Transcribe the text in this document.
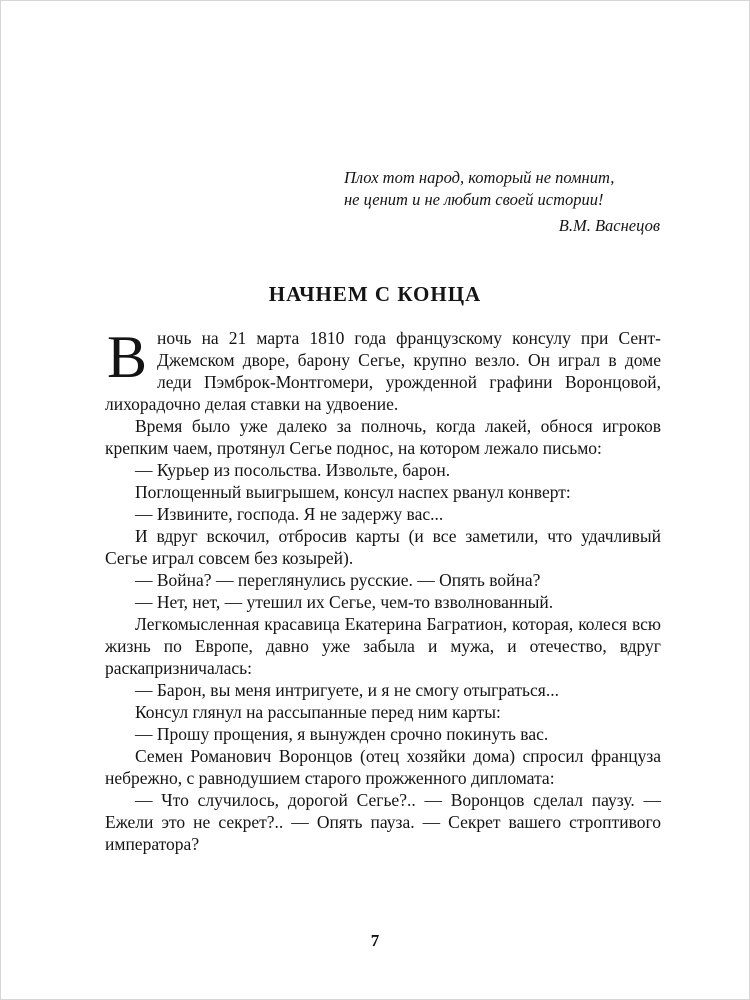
Плох тот народ, который не помнит,
не ценит и не любит своей истории!
В.М. Васнецов
НАЧНЕМ С КОНЦА

Вночь на 21 марта 1810 года французскому консулу при Сент-Джемском дворе, барону Сегье, крупно везло. Он играл в доме леди Пэмброк-Монтгомери, урожденной графини Воронцовой, лихорадочно делая ставки на удвоение.

Время было уже далеко за полночь, когда лакей, обнося игроков крепким чаем, протянул Сегье поднос, на котором лежало письмо:

— Курьер из посольства. Извольте, барон.

Поглощенный выигрышем, консул наспех рванул конверт:

— Извините, господа. Я не задержу вас...

И вдруг вскочил, отбросив карты (и все заметили, что удачливый Сегье играл совсем без козырей).

— Война? — переглянулись русские. — Опять война?

— Нет, нет, — утешил их Сегье, чем-то взволнованный.

Легкомысленная красавица Екатерина Багратион, которая, колеся всю жизнь по Европе, давно уже забыла и мужа, и отечество, вдруг раскапризничалась:

— Барон, вы меня интригуете, и я не смогу отыграться...

Консул глянул на рассыпанные перед ним карты:

— Прошу прощения, я вынужден срочно покинуть вас.

Семен Романович Воронцов (отец хозяйки дома) спросил француза небрежно, с равнодушием старого прожженного дипломата:

— Что случилось, дорогой Сегье?.. — Воронцов сделал паузу. — Ежели это не секрет?.. — Опять пауза. — Секрет вашего строптивого императора?

7
